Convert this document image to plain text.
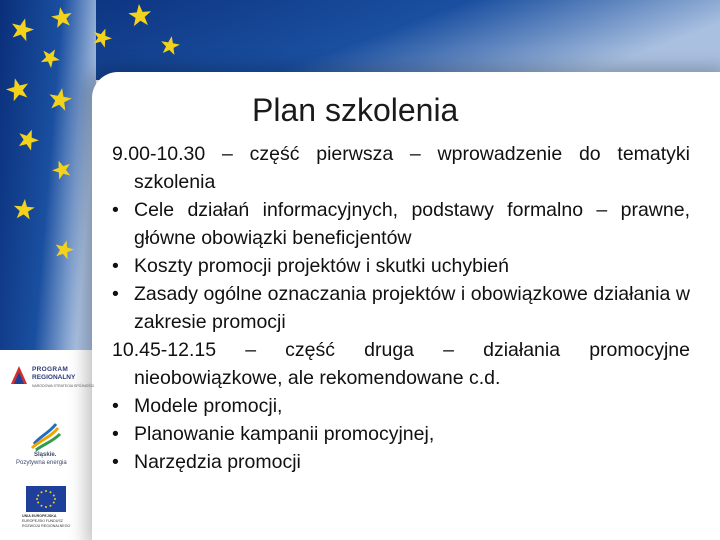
Plan szkolenia

9.00-10.30 – część pierwsza – wprowadzenie do tematyki szkolenia

• Cele działań informacyjnych, podstawy formalno – prawne, główne obowiązki beneficjentów

• Koszty promocji projektów i skutki uchybień

• Zasady ogólne oznaczania projektów i obowiązkowe działania w zakresie promocji

10.45-12.15 – część druga – działania promocyjne nieobowiązkowe, ale rekomendowane c.d.

• Modele promocji,

• Planowanie kampanii promocyjnej,

• Narzędzia promocji

PROGRAM
REGIONALNY
NARODOWA STRATEGIA SPÓJNOŚCI
Śląskie.
Pozytywna energia
UNIA EUROPEJSKA
EUROPEJSKI FUNDUSZ
ROZWOJU REGIONALNEGO
